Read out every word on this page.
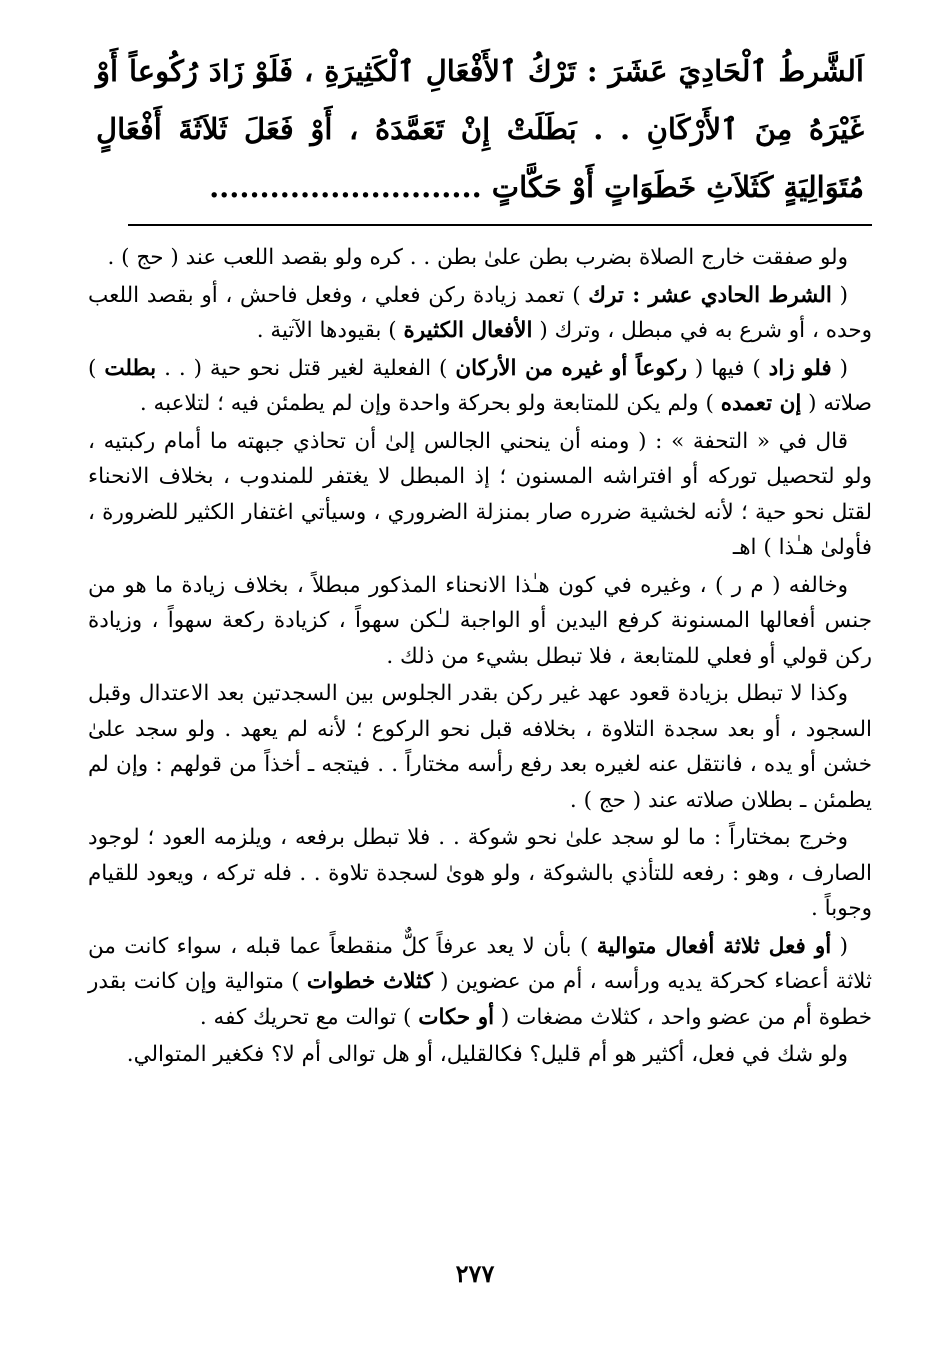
اَلشَّرطُ ٱلْحَادِيَ عَشَرَ : تَرْكُ ٱلأَفْعَالِ ٱلْكَثِيرَةِ ، فَلَوْ زَادَ رُكُوعاً أَوْ غَيْرَهُ مِنَ ٱلأَرْكَانِ . . بَطَلَتْ إِنْ تَعَمَّدَهُ ، أَوْ فَعَلَ ثَلاَثَةَ أَفْعَالٍ مُتَوَالِيَةٍ كَثَلاَثِ خَطَوَاتٍ أَوْ حَكَّاتٍ ...........................

ولو صفقت خارج الصلاة بضرب بطن علىٰ بطن . . كره ولو بقصد اللعب عند ( حج ) .

( الشرط الحادي عشر : ترك ) تعمد زيادة ركن فعلي ، وفعل فاحش ، أو بقصد اللعب وحده ، أو شرع به في مبطل ، وترك ( الأفعال الكثيرة ) بقيودها الآتية .

( فلو زاد ) فيها ( ركوعاً أو غيره من الأركان ) الفعلية لغير قتل نحو حية ( . . بطلت ) صلاته ( إن تعمده ) ولم يكن للمتابعة ولو بحركة واحدة وإن لم يطمئن فيه ؛ لتلاعبه .

قال في « التحفة » : ( ومنه أن ينحني الجالس إلىٰ أن تحاذي جبهته ما أمام ركبتيه ، ولو لتحصيل توركه أو افتراشه المسنون ؛ إذ المبطل لا يغتفر للمندوب ، بخلاف الانحناء لقتل نحو حية ؛ لأنه لخشية ضرره صار بمنزلة الضروري ، وسيأتي اغتفار الكثير للضرورة ، فأولىٰ هـٰذا ) اهـ

وخالفه ( م ر ) ، وغيره في كون هـٰذا الانحناء المذكور مبطلاً ، بخلاف زيادة ما هو من جنس أفعالها المسنونة كرفع اليدين أو الواجبة لـٰكن سهواً ، كزيادة ركعة سهواً ، وزيادة ركن قولي أو فعلي للمتابعة ، فلا تبطل بشيء من ذلك .

وكذا لا تبطل بزيادة قعود عهد غير ركن بقدر الجلوس بين السجدتين بعد الاعتدال وقبل السجود ، أو بعد سجدة التلاوة ، بخلافه قبل نحو الركوع ؛ لأنه لم يعهد . ولو سجد علىٰ خشن أو يده ، فانتقل عنه لغيره بعد رفع رأسه مختاراً . . فيتجه ـ أخذاً من قولهم : وإن لم يطمئن ـ بطلان صلاته عند ( حج ) .

وخرج بمختاراً : ما لو سجد علىٰ نحو شوكة . . فلا تبطل برفعه ، ويلزمه العود ؛ لوجود الصارف ، وهو : رفعه للتأذي بالشوكة ، ولو هوىٰ لسجدة تلاوة . . فله تركه ، ويعود للقيام وجوباً .

( أو فعل ثلاثة أفعال متوالية ) بأن لا يعد عرفاً كلٌّ منقطعاً عما قبله ، سواء كانت من ثلاثة أعضاء كحركة يديه ورأسه ، أم من عضوين ( كثلاث خطوات ) متوالية وإن كانت بقدر خطوة أم من عضو واحد ، كثلاث مضغات ( أو حكات ) توالت مع تحريك كفه .

ولو شك في فعل، أكثير هو أم قليل؟ فكالقليل، أو هل توالى أم لا؟ فكغير المتوالي.

٢٧٧
